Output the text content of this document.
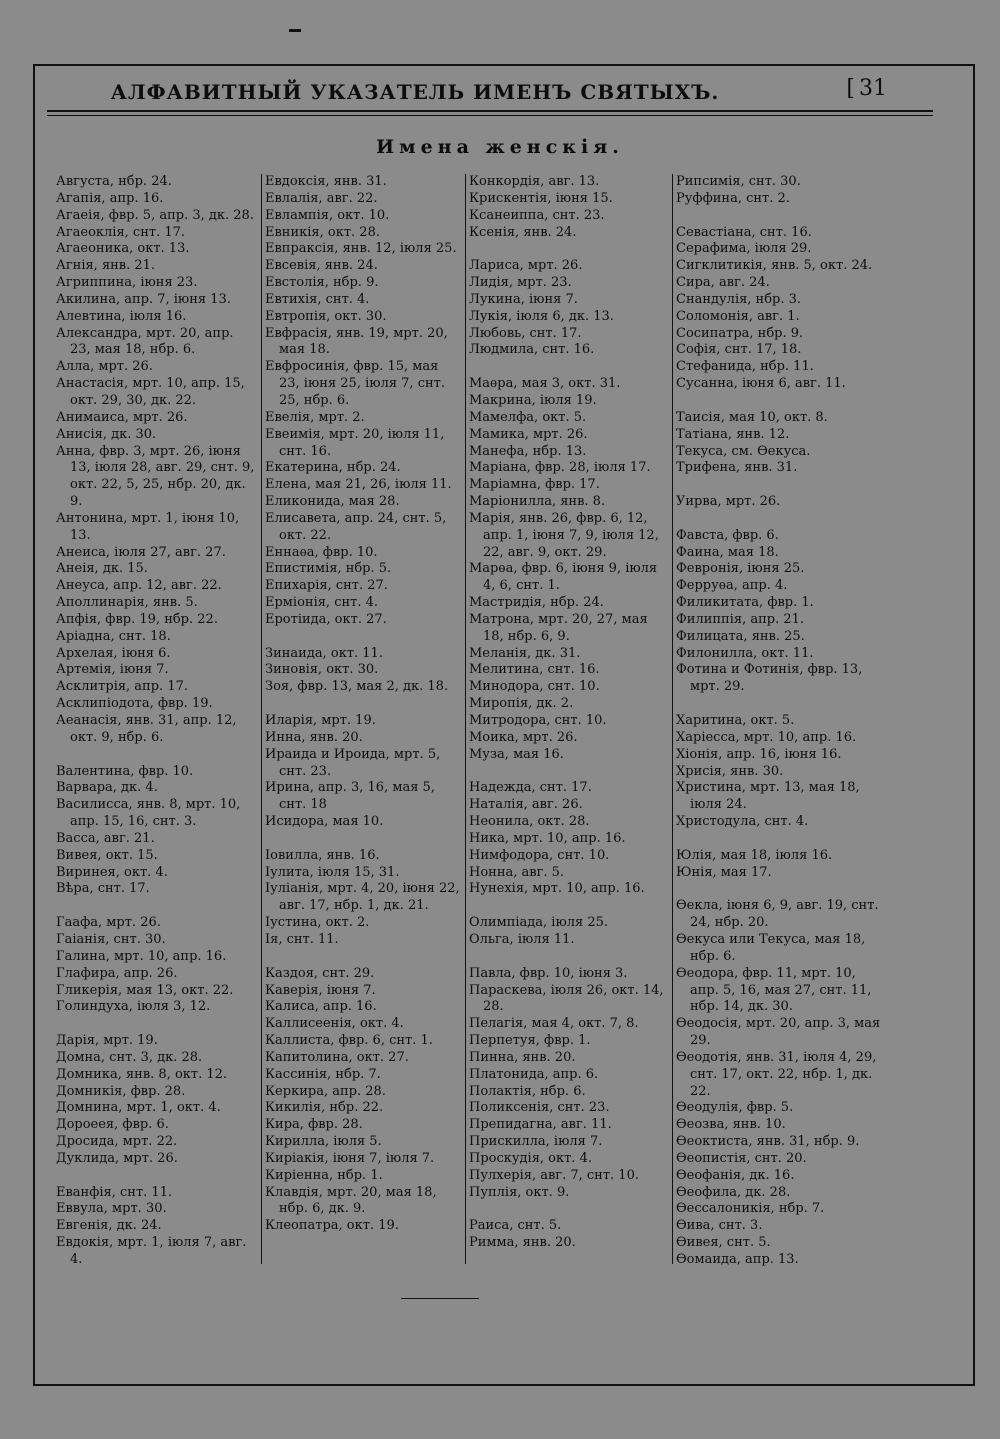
АЛФАВИТНЫЙ УКАЗАТЕЛЬ ИМЕНЪ СВЯТЫХЪ.
[	31
Имена женскія.

Августа, нбр. 24.

Агапія, апр. 16.

Агаеія, фвр. 5, апр. 3, дк. 28.

Агаеоклія, снт. 17.

Агаеоника, окт. 13.

Агнія, янв. 21.

Агриппина, іюня 23.

Акилина, апр. 7, іюня 13.

Алевтина, іюля 16.

Александра, мрт. 20, апр. 23, мая 18, нбр. 6.

Алла, мрт. 26.

Анастасія, мрт. 10, апр. 15, окт. 29, 30, дк. 22.

Анимаиса, мрт. 26.

Анисія, дк. 30.

Анна, фвр. 3, мрт. 26, іюня 13, іюля 28, авг. 29, снт. 9, окт. 22, 5, 25, нбр. 20, дк. 9.

Антонина, мрт. 1, іюня 10, 13.

Анеиса, іюля 27, авг. 27.

Анеія, дк. 15.

Анеуса, апр. 12, авг. 22.

Аполлинарія, янв. 5.

Апфія, фвр. 19, нбр. 22.

Аріадна, снт. 18.

Архелая, іюня 6.

Артемія, іюня 7.

Асклитрія, апр. 17.

Асклипіодота, фвр. 19.

Аеанасія, янв. 31, апр. 12, окт. 9, нбр. 6.

Валентина, фвр. 10.

Варвара, дк. 4.

Василисса, янв. 8, мрт. 10, апр. 15, 16, снт. 3.

Васса, авг. 21.

Вивея, окт. 15.

Виринея, окт. 4.

Вѣра, снт. 17.

Гаафа, мрт. 26.

Гаіанія, снт. 30.

Галина, мрт. 10, апр. 16.

Глафира, апр. 26.

Гликерія, мая 13, окт. 22.

Голиндуха, іюля 3, 12.

Дарія, мрт. 19.

Домна, снт. 3, дк. 28.

Домника, янв. 8, окт. 12.

Домникія, фвр. 28.

Домнина, мрт. 1, окт. 4.

Дороеея, фвр. 6.

Дросида, мрт. 22.

Дуклида, мрт. 26.

Еванфія, снт. 11.

Еввула, мрт. 30.

Евгенія, дк. 24.

Евдокія, мрт. 1, іюля 7, авг. 4.

Евдоксія, янв. 31.

Евлалія, авг. 22.

Евлампія, окт. 10.

Евникія, окт. 28.

Евпраксія, янв. 12, іюля 25.

Евсевія, янв. 24.

Евстолія, нбр. 9.

Евтихія, снт. 4.

Евтропія, окт. 30.

Евфрасія, янв. 19, мрт. 20, мая 18.

Евфросинія, фвр. 15, мая 23, іюня 25, іюля 7, снт. 25, нбр. 6.

Евелія, мрт. 2.

Евеимія, мрт. 20, іюля 11, снт. 16.

Екатерина, нбр. 24.

Елена, мая 21, 26, іюля 11.

Еликонида, мая 28.

Елисавета, апр. 24, снт. 5, окт. 22.

Еннаѳа, фвр. 10.

Епистимія, нбр. 5.

Епихарія, снт. 27.

Ерміонія, снт. 4.

Еротіида, окт. 27.

Зинаида, окт. 11.

Зиновія, окт. 30.

Зоя, фвр. 13, мая 2, дк. 18.

Иларія, мрт. 19.

Инна, янв. 20.

Ираида и Ироида, мрт. 5, снт. 23.

Ирина, апр. 3, 16, мая 5, снт. 18

Исидора, мая 10.

Іовилла, янв. 16.

Іулита, іюля 15, 31.

Іуліанія, мрт. 4, 20, іюня 22, авг. 17, нбр. 1, дк. 21.

Іустина, окт. 2.

Ія, снт. 11.

Каздоя, снт. 29.

Каверія, іюня 7.

Калиса, апр. 16.

Каллисеенія, окт. 4.

Каллиста, фвр. 6, снт. 1.

Капитолина, окт. 27.

Кассинія, нбр. 7.

Керкира, апр. 28.

Кикилія, нбр. 22.

Кира, фвр. 28.

Кириллa, іюля 5.

Кирiакія, іюня 7, іюля 7.

Киріенна, нбр. 1.

Клавдія, мрт. 20, мая 18, нбр. 6, дк. 9.

Клеопатра, окт. 19.

Конкордія, авг. 13.

Крискентія, іюня 15.

Ксанеиппа, снт. 23.

Ксенія, янв. 24.

Лариса, мрт. 26.

Лидія, мрт. 23.

Лукина, іюня 7.

Лукія, іюля 6, дк. 13.

Любовь, снт. 17.

Людмила, снт. 16.

Маѳра, мая 3, окт. 31.

Макрина, іюля 19.

Мамелфа, окт. 5.

Мамика, мрт. 26.

Манефа, нбр. 13.

Маріана, фвр. 28, іюля 17.

Маріамна, фвр. 17.

Маріонилла, янв. 8.

Марія, янв. 26, фвр. 6, 12, апр. 1, іюня 7, 9, іюля 12, 22, авг. 9, окт. 29.

Марѳа, фвр. 6, іюня 9, іюля 4, 6, снт. 1.

Мастридія, нбр. 24.

Матрона, мрт. 20, 27, мая 18, нбр. 6, 9.

Меланія, дк. 31.

Мелитина, снт. 16.

Минодора, снт. 10.

Миропія, дк. 2.

Митродора, снт. 10.

Моика, мрт. 26.

Муза, мая 16.

Надежда, снт. 17.

Наталія, авг. 26.

Неонила, окт. 28.

Ника, мрт. 10, апр. 16.

Нимфодора, снт. 10.

Нонна, авг. 5.

Нунехія, мрт. 10, апр. 16.

Олимпіада, іюля 25.

Ольга, іюля 11.

Павла, фвр. 10, іюня 3.

Параскева, іюля 26, окт. 14, 28.

Пелагія, мая 4, окт. 7, 8.

Перпетуя, фвр. 1.

Пинна, янв. 20.

Платонида, апр. 6.

Полактія, нбр. 6.

Поликсенія, снт. 23.

Препидагна, авг. 11.

Прискилла, іюля 7.

Проскудія, окт. 4.

Пулхерія, авг. 7, снт. 10.

Пуплія, окт. 9.

Раиса, снт. 5.

Римма, янв. 20.

Рипсимія, снт. 30.

Руффина, снт. 2.

Севастіана, снт. 16.

Серафима, іюля 29.

Сигклитикія, янв. 5, окт. 24.

Сира, авг. 24.

Снандулія, нбр. 3.

Соломонія, авг. 1.

Сосипатра, нбр. 9.

Софія, снт. 17, 18.

Стефанида, нбр. 11.

Сусанна, іюня 6, авг. 11.

Таисія, мая 10, окт. 8.

Татіана, янв. 12.

Текуса, см. Ѳекуса.

Трифена, янв. 31.

Уирва, мрт. 26.

Фавста, фвр. 6.

Фаина, мая 18.

Февронія, іюня 25.

Ферруѳа, апр. 4.

Филикитата, фвр. 1.

Филиппія, апр. 21.

Филицата, янв. 25.

Филонилла, окт. 11.

Фотина и Фотинія, фвр. 13, мрт. 29.

Харитина, окт. 5.

Харіесса, мрт. 10, апр. 16.

Хіонія, апр. 16, іюня 16.

Хрисія, янв. 30.

Христина, мрт. 13, мая 18, іюля 24.

Христодула, снт. 4.

Юлія, мая 18, іюля 16.

Юнія, мая 17.

Ѳекла, іюня 6, 9, авг. 19, снт. 24, нбр. 20.

Ѳекуса или Текуса, мая 18, нбр. 6.

Ѳеодора, фвр. 11, мрт. 10, апр. 5, 16, мая 27, снт. 11, нбр. 14, дк. 30.

Ѳеодосія, мрт. 20, апр. 3, мая 29.

Ѳеодотія, янв. 31, іюля 4, 29, снт. 17, окт. 22, нбр. 1, дк. 22.

Ѳеодулія, фвр. 5.

Ѳеозва, янв. 10.

Ѳеоктиста, янв. 31, нбр. 9.

Ѳеопистія, снт. 20.

Ѳеофанія, дк. 16.

Ѳеофила, дк. 28.

Ѳессалоникія, нбр. 7.

Ѳива, снт. 3.

Ѳивея, снт. 5.

Ѳомаида, апр. 13.
